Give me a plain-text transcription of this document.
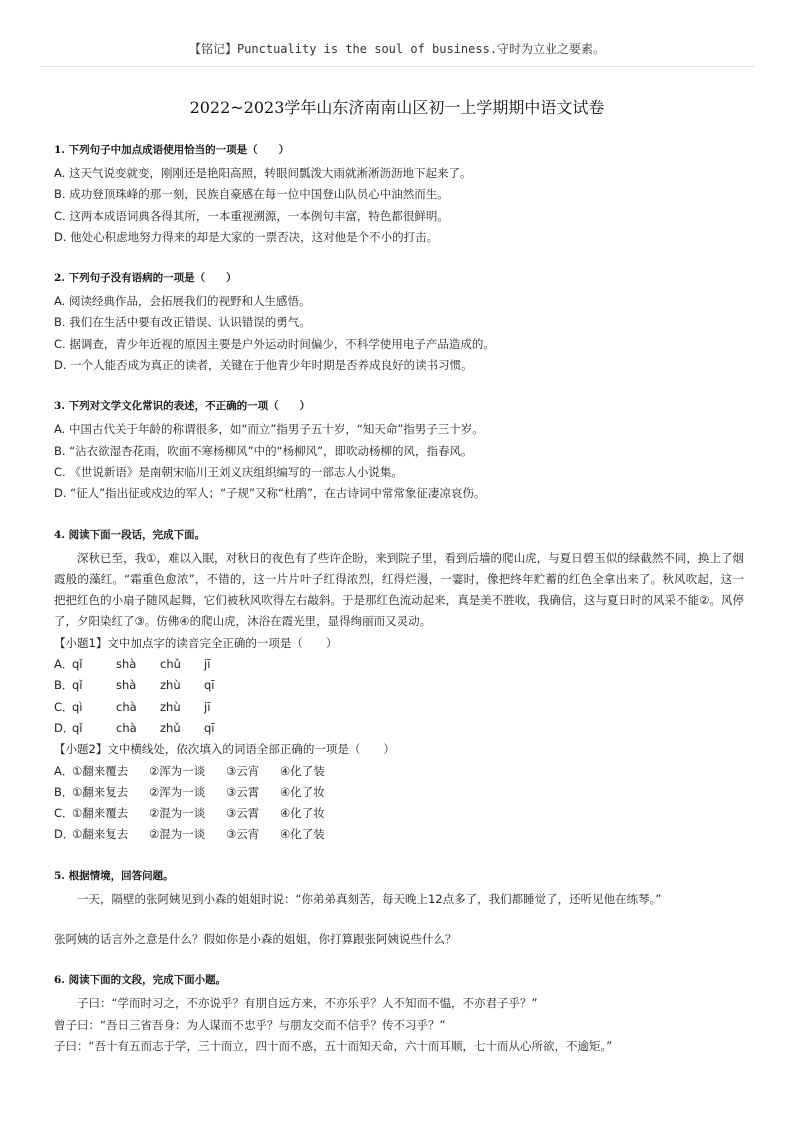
【铭记】Punctuality is the soul of business.守时为立业之要素。
2022~2023学年山东济南南山区初一上学期期中语文试卷
1. 下列句子中加点成语使用恰当的一项是（　　）
A. 这天气说变就变，刚刚还是艳阳高照，转眼间瓢泼大雨就淅淅沥沥地下起来了。
B. 成功登顶珠峰的那一刻，民族自豪感在每一位中国登山队员心中油然而生。
C. 这两本成语词典各得其所，一本重视溯源，一本例句丰富，特色都很鲜明。
D. 他处心积虑地努力得来的却是大家的一票否决，这对他是个不小的打击。
2. 下列句子没有语病的一项是（　　）
A. 阅读经典作品，会拓展我们的视野和人生感悟。
B. 我们在生活中要有改正错误、认识错误的勇气。
C. 据调查，青少年近视的原因主要是户外运动时间偏少，不科学使用电子产品造成的。
D. 一个人能否成为真正的读者，关键在于他青少年时期是否养成良好的读书习惯。
3. 下列对文学文化常识的表述，不正确的一项（　　）
A. 中国古代关于年龄的称谓很多，如“而立”指男子五十岁，“知天命”指男子三十岁。
B. “沾衣欲湿杏花雨，吹面不寒杨柳风”中的“杨柳风”，即吹动杨柳的风，指春风。
C. 《世说新语》是南朝宋临川王刘义庆组织编写的一部志人小说集。
D. “征人”指出征或戍边的军人；“子规”又称“杜鹃”，在古诗词中常常象征凄凉哀伤。
4. 阅读下面一段话，完成下面。
深秋已至，我①，难以入眠，对秋日的夜色有了些许企盼，来到院子里，看到后墙的爬山虎，与夏日碧玉似的绿截然不同，换上了烟霞般的藻红。“霜重色愈浓”，不错的，这一片片叶子红得浓烈，红得烂漫，一霎时，像把终年贮蓄的红色全拿出来了。秋风吹起，这一把把红色的小扇子随风起舞，它们被秋风吹得左右敲斜。于是那红色流动起来，真是美不胜收，我确信，这与夏日时的风采不能②。风停了，夕阳染红了③。仿佛④的爬山虎，沐浴在霞光里，显得绚丽而又灵动。
【小题1】文中加点字的读音完全正确的一项是（　　）
A．qǐ	shà chǔ jī
B．qǐ	shà zhù qī
C．qì	chà zhù jī
D．qǐ	chà zhǔ qī
【小题2】文中横线处，依次填入的词语全部正确的一项是（　　）
A．①翻来覆去 ②浑为一谈 ③云宵 ④化了装
B．①翻来复去 ②浑为一谈 ③云霄 ④化了妆
C．①翻来覆去 ②混为一谈 ③云霄 ④化了妆
D．①翻来复去 ②混为一谈 ③云宵 ④化了装
5. 根据情境，回答问题。
一天，隔壁的张阿姨见到小森的姐姐时说：“你弟弟真刻苦，每天晚上12点多了，我们都睡觉了，还听见他在练琴。”
张阿姨的话言外之意是什么？假如你是小森的姐姐，你打算跟张阿姨说些什么？
6. 阅读下面的文段，完成下面小题。
子曰：“学而时习之，不亦说乎？有朋自远方来，不亦乐乎？人不知而不愠，不亦君子乎？”
曾子曰：“吾日三省吾身：为人谋而不忠乎？与朋友交而不信乎？传不习乎？”
子曰：“吾十有五而志于学，三十而立，四十而不惑，五十而知天命，六十而耳顺，七十而从心所欲，不逾矩。”
